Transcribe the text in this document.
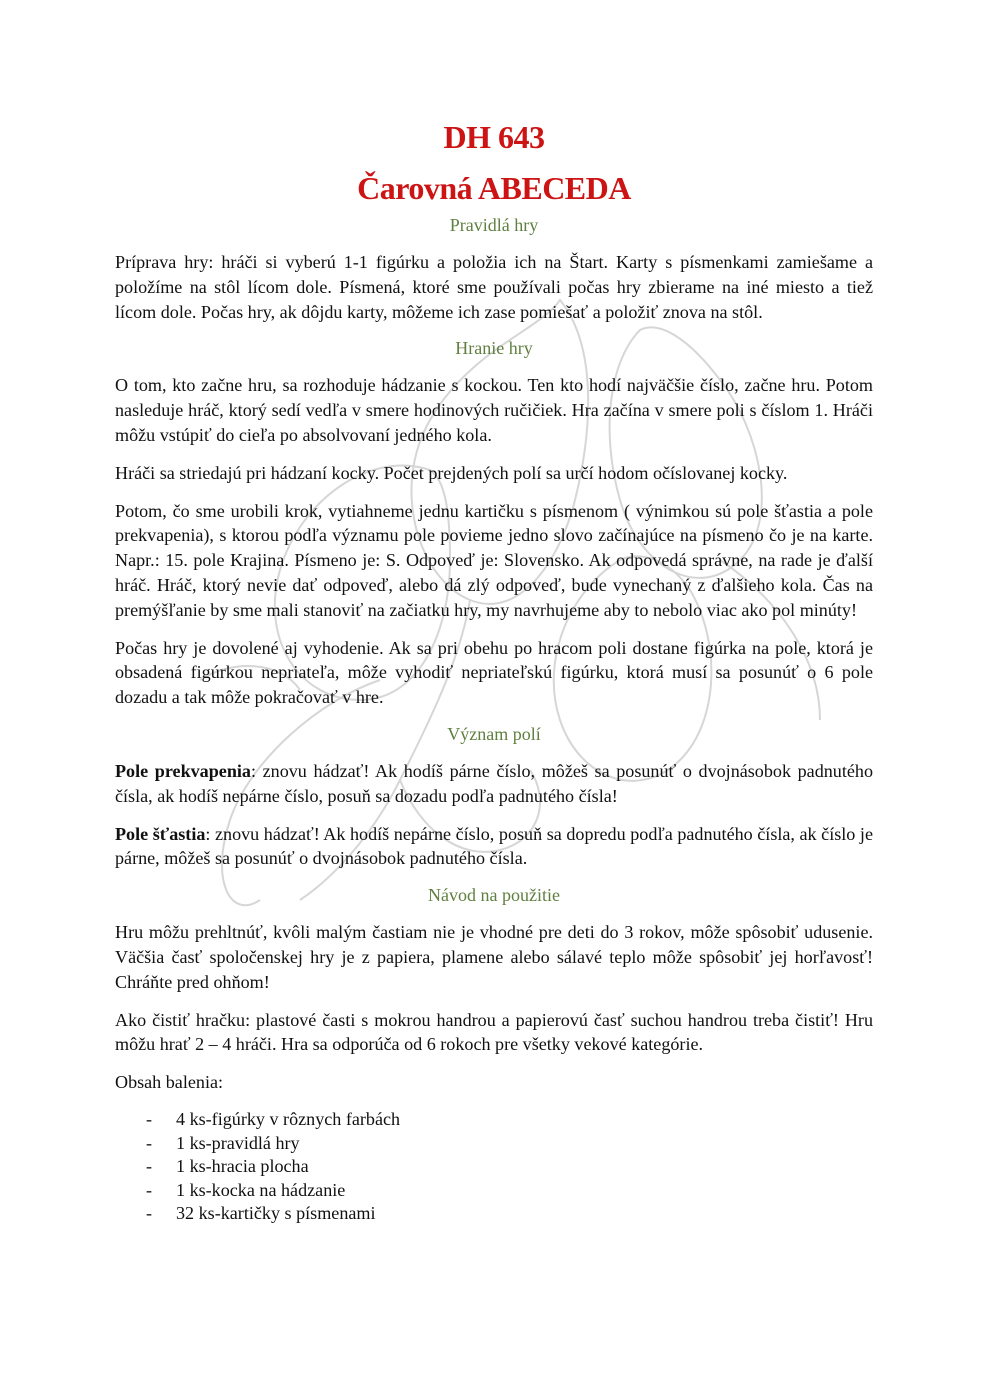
DH 643
Čarovná ABECEDA
Pravidlá hry

Príprava hry: hráči si vyberú 1-1 figúrku a položia ich na Štart. Karty s písmenkami zamiešame a položíme na stôl lícom dole. Písmená, ktoré sme používali počas hry zbierame na iné miesto a tiež lícom dole. Počas hry, ak dôjdu karty, môžeme ich zase pomiešať a položiť znova na stôl.

Hranie hry

O tom, kto začne hru, sa rozhoduje hádzanie s kockou. Ten kto hodí najväčšie číslo, začne hru. Potom nasleduje hráč, ktorý sedí vedľa v smere hodinových ručičiek. Hra začína v smere poli s číslom 1. Hráči môžu vstúpiť do cieľa po absolvovaní jedného kola.

Hráči sa striedajú pri hádzaní kocky. Počet prejdených polí sa určí hodom očíslovanej kocky.

Potom, čo sme urobili krok, vytiahneme jednu kartičku s písmenom ( výnimkou sú pole šťastia a pole prekvapenia), s ktorou podľa významu pole povieme jedno slovo začínajúce na písmeno čo je na karte. Napr.: 15. pole Krajina. Písmeno je: S. Odpoveď je: Slovensko. Ak odpovedá správne, na rade je ďalší hráč. Hráč, ktorý nevie dať odpoveď, alebo dá zlý odpoveď, bude vynechaný z ďalšieho kola. Čas na premýšľanie by sme mali stanoviť na začiatku hry, my navrhujeme aby to nebolo viac ako pol minúty!

Počas hry je dovolené aj vyhodenie. Ak sa pri obehu po hracom poli dostane figúrka na pole, ktorá je obsadená figúrkou nepriateľa, môže vyhodiť nepriateľskú figúrku, ktorá musí sa posunúť o 6 pole dozadu a tak môže pokračovať v hre.

Význam polí

Pole prekvapenia: znovu hádzať! Ak hodíš párne číslo, môžeš sa posunúť o dvojnásobok padnutého čísla, ak hodíš nepárne číslo, posuň sa dozadu podľa padnutého čísla!

Pole šťastia: znovu hádzať! Ak hodíš nepárne číslo, posuň sa dopredu podľa padnutého čísla, ak číslo je párne, môžeš sa posunúť o dvojnásobok padnutého čísla.

Návod na použitie

Hru môžu prehltnúť, kvôli malým častiam nie je vhodné pre deti do 3 rokov, môže spôsobiť udusenie. Väčšia časť spoločenskej hry je z papiera, plamene alebo sálavé teplo môže spôsobiť jej horľavosť! Chráňte pred ohňom!

Ako čistiť hračku: plastové časti s mokrou handrou a papierovú časť suchou handrou treba čistiť! Hru môžu hrať 2 – 4 hráči. Hra sa odporúča od 6 rokoch pre všetky vekové kategórie.

Obsah balenia:

-	4 ks-figúrky v rôznych farbách
-	1 ks-pravidlá hry
-	1 ks-hracia plocha
-	1 ks-kocka na hádzanie
-	32 ks-kartičky s písmenami
